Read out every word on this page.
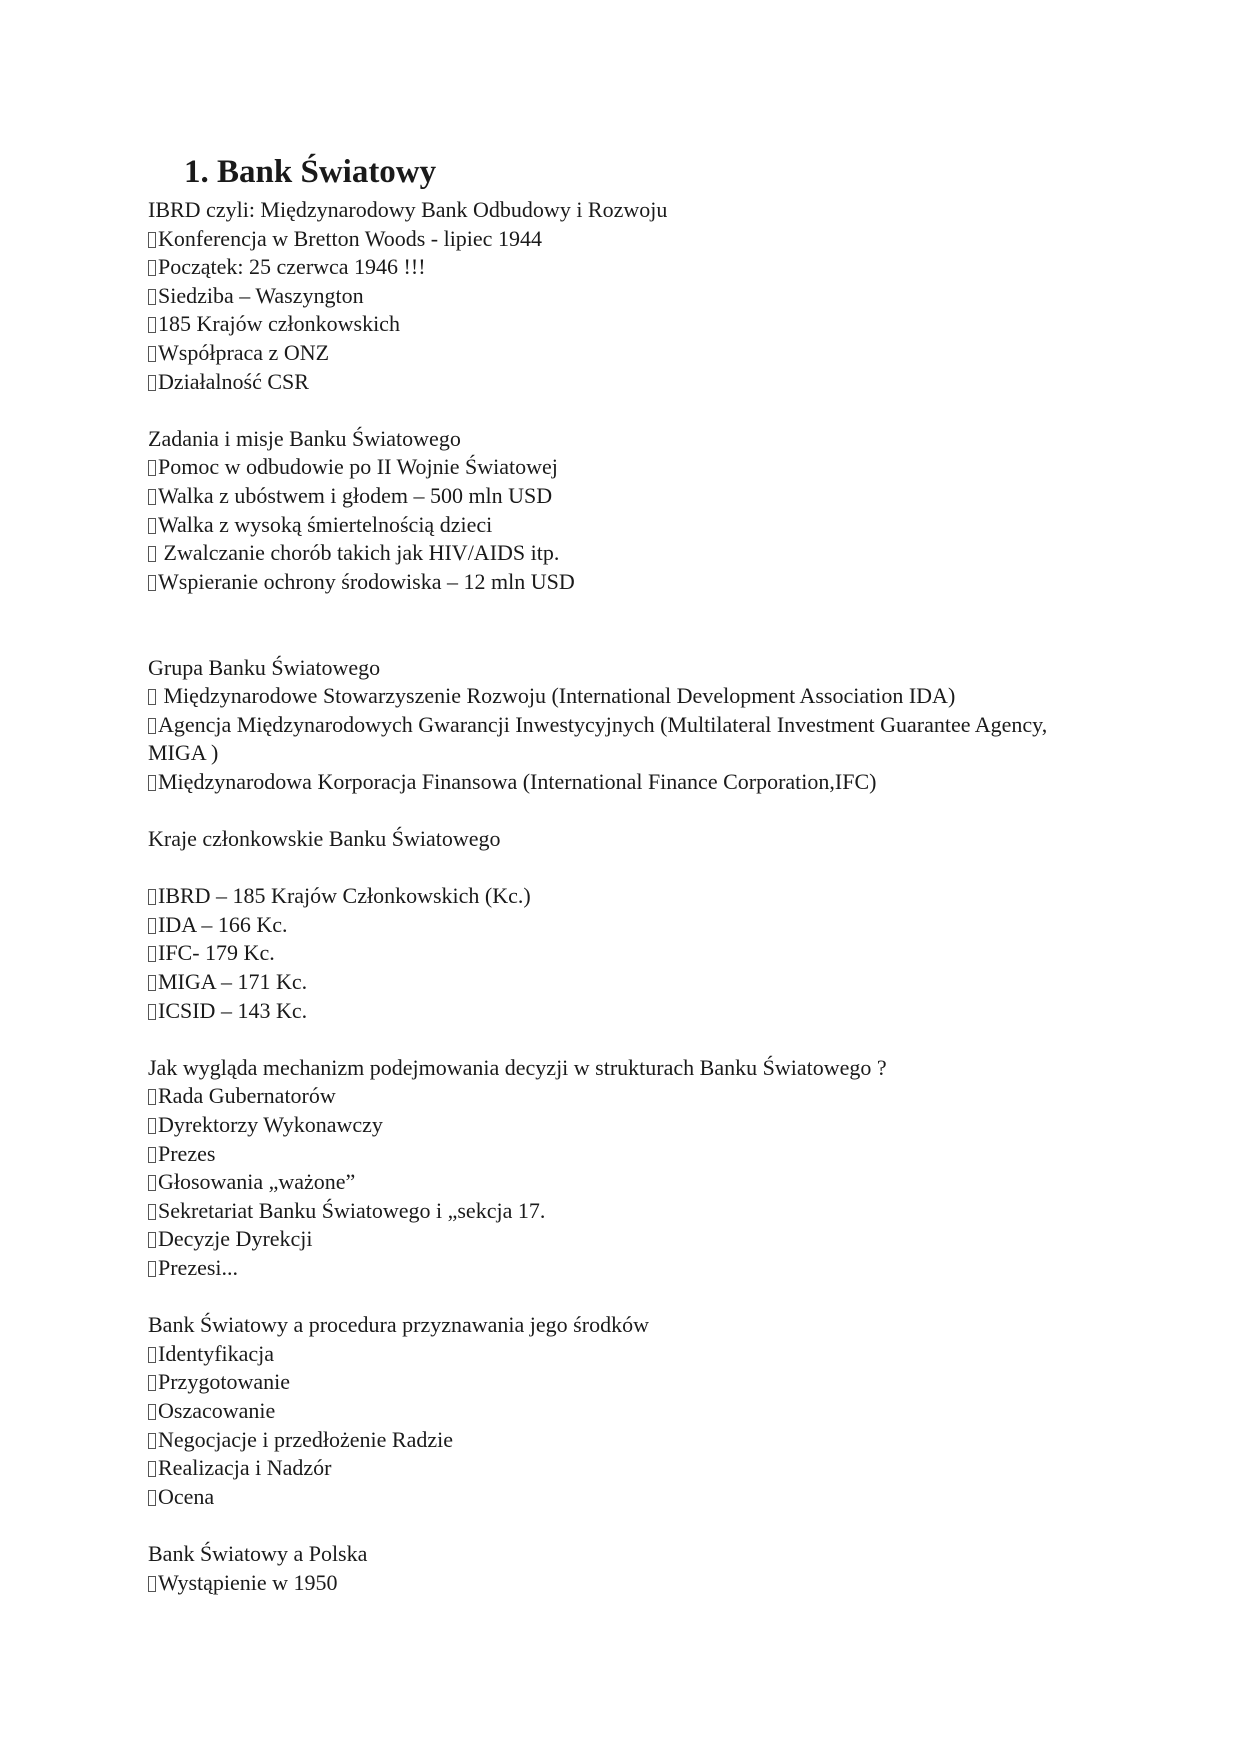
1. Bank Światowy
IBRD czyli: Międzynarodowy Bank Odbudowy i Rozwoju
Konferencja w Bretton Woods - lipiec 1944
Początek: 25 czerwca 1946 !!!
Siedziba – Waszyngton
185 Krajów członkowskich
Współpraca z ONZ
Działalność CSR
Zadania i misje Banku Światowego
Pomoc w odbudowie po II Wojnie Światowej
Walka z ubóstwem i głodem – 500 mln USD
Walka z wysoką śmiertelnością dzieci
Zwalczanie chorób takich jak HIV/AIDS itp.
Wspieranie ochrony środowiska – 12 mln USD
Grupa Banku Światowego
Międzynarodowe Stowarzyszenie Rozwoju (International Development Association IDA)
Agencja Międzynarodowych Gwarancji Inwestycyjnych (Multilateral Investment Guarantee Agency, MIGA )
Międzynarodowa Korporacja Finansowa (International Finance Corporation,IFC)
Kraje członkowskie Banku Światowego
IBRD – 185 Krajów Członkowskich (Kc.)
IDA – 166 Kc.
IFC- 179 Kc.
MIGA – 171 Kc.
ICSID – 143 Kc.
Jak wygląda mechanizm podejmowania decyzji w strukturach Banku Światowego ?
Rada Gubernatorów
Dyrektorzy Wykonawczy
Prezes
Głosowania „ważone”
Sekretariat Banku Światowego i „sekcja 17.
Decyzje Dyrekcji
Prezesi...
Bank Światowy a procedura przyznawania jego środków
Identyfikacja
Przygotowanie
Oszacowanie
Negocjacje i przedłożenie Radzie
Realizacja i Nadzór
Ocena
Bank Światowy a Polska
Wystąpienie w 1950
